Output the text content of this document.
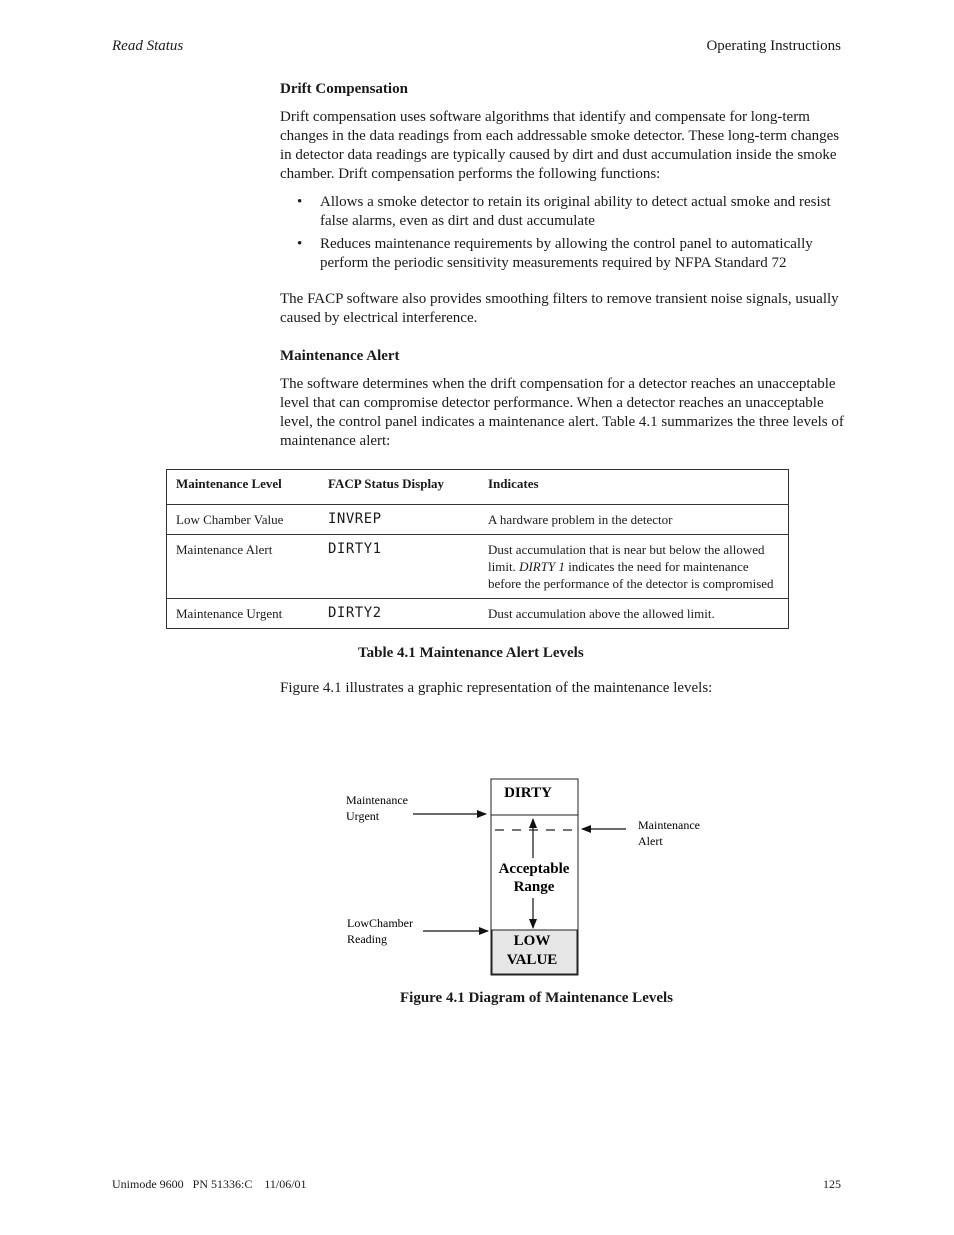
Read Status	Operating Instructions

Drift Compensation

Drift compensation uses software algorithms that identify and compensate for long-term changes in the data readings from each addressable smoke detector. These long-term changes in detector data readings are typically caused by dirt and dust accumulation inside the smoke chamber. Drift compensation performs the following functions:

• Allows a smoke detector to retain its original ability to detect actual smoke and resist false alarms, even as dirt and dust accumulate
• Reduces maintenance requirements by allowing the control panel to automatically perform the periodic sensitivity measurements required by NFPA Standard 72

The FACP software also provides smoothing filters to remove transient noise signals, usually caused by electrical interference.

Maintenance Alert

The software determines when the drift compensation for a detector reaches an unacceptable level that can compromise detector performance. When a detector reaches an unacceptable level, the control panel indicates a maintenance alert. Table 4.1 summarizes the three levels of maintenance alert:

Maintenance Level	FACP Status Display	Indicates
Low Chamber Value	INVREP	A hardware problem in the detector
Maintenance Alert	DIRTY1	Dust accumulation that is near but below the allowed limit. DIRTY 1 indicates the need for maintenance before the performance of the detector is compromised
Maintenance Urgent	DIRTY2	Dust accumulation above the allowed limit.
Table 4.1 Maintenance Alert Levels
Figure 4.1 illustrates a graphic representation of the maintenance levels:
DIRTY
Acceptable
Range
LOW
VALUE
Maintenance
Urgent
LowChamber
Reading
Maintenance
Alert
Figure 4.1 Diagram of Maintenance Levels
Unimode 9600   PN 51336:C    11/06/01	125
